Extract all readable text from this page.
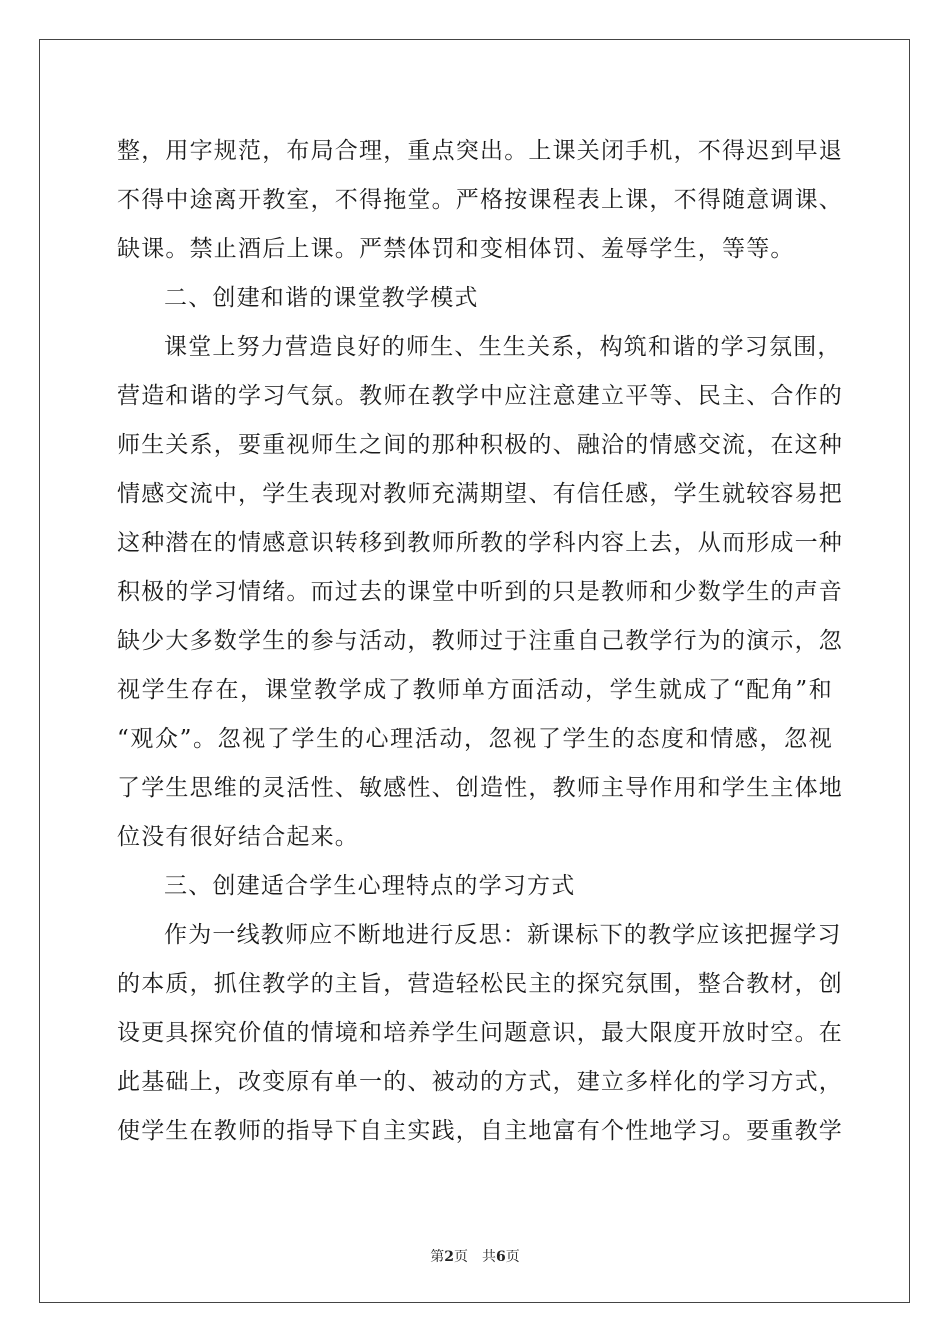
整，用字规范，布局合理，重点突出。上课关闭手机，不得迟到早退
不得中途离开教室，不得拖堂。严格按课程表上课，不得随意调课、
缺课。禁止酒后上课。严禁体罚和变相体罚、羞辱学生，等等。
二、创建和谐的课堂教学模式
课堂上努力营造良好的师生、生生关系，构筑和谐的学习氛围，
营造和谐的学习气氛。教师在教学中应注意建立平等、民主、合作的
师生关系，要重视师生之间的那种积极的、融洽的情感交流，在这种
情感交流中，学生表现对教师充满期望、有信任感，学生就较容易把
这种潜在的情感意识转移到教师所教的学科内容上去，从而形成一种
积极的学习情绪。而过去的课堂中听到的只是教师和少数学生的声音
缺少大多数学生的参与活动，教师过于注重自己教学行为的演示，忽
视学生存在，课堂教学成了教师单方面活动，学生就成了“配角”和
“观众”。忽视了学生的心理活动，忽视了学生的态度和情感，忽视
了学生思维的灵活性、敏感性、创造性，教师主导作用和学生主体地
位没有很好结合起来。
三、创建适合学生心理特点的学习方式
作为一线教师应不断地进行反思：新课标下的教学应该把握学习
的本质，抓住教学的主旨，营造轻松民主的探究氛围，整合教材，创
设更具探究价值的情境和培养学生问题意识，最大限度开放时空。在
此基础上，改变原有单一的、被动的方式，建立多样化的学习方式，
使学生在教师的指导下自主实践，自主地富有个性地学习。要重教学
第2页 共6页
